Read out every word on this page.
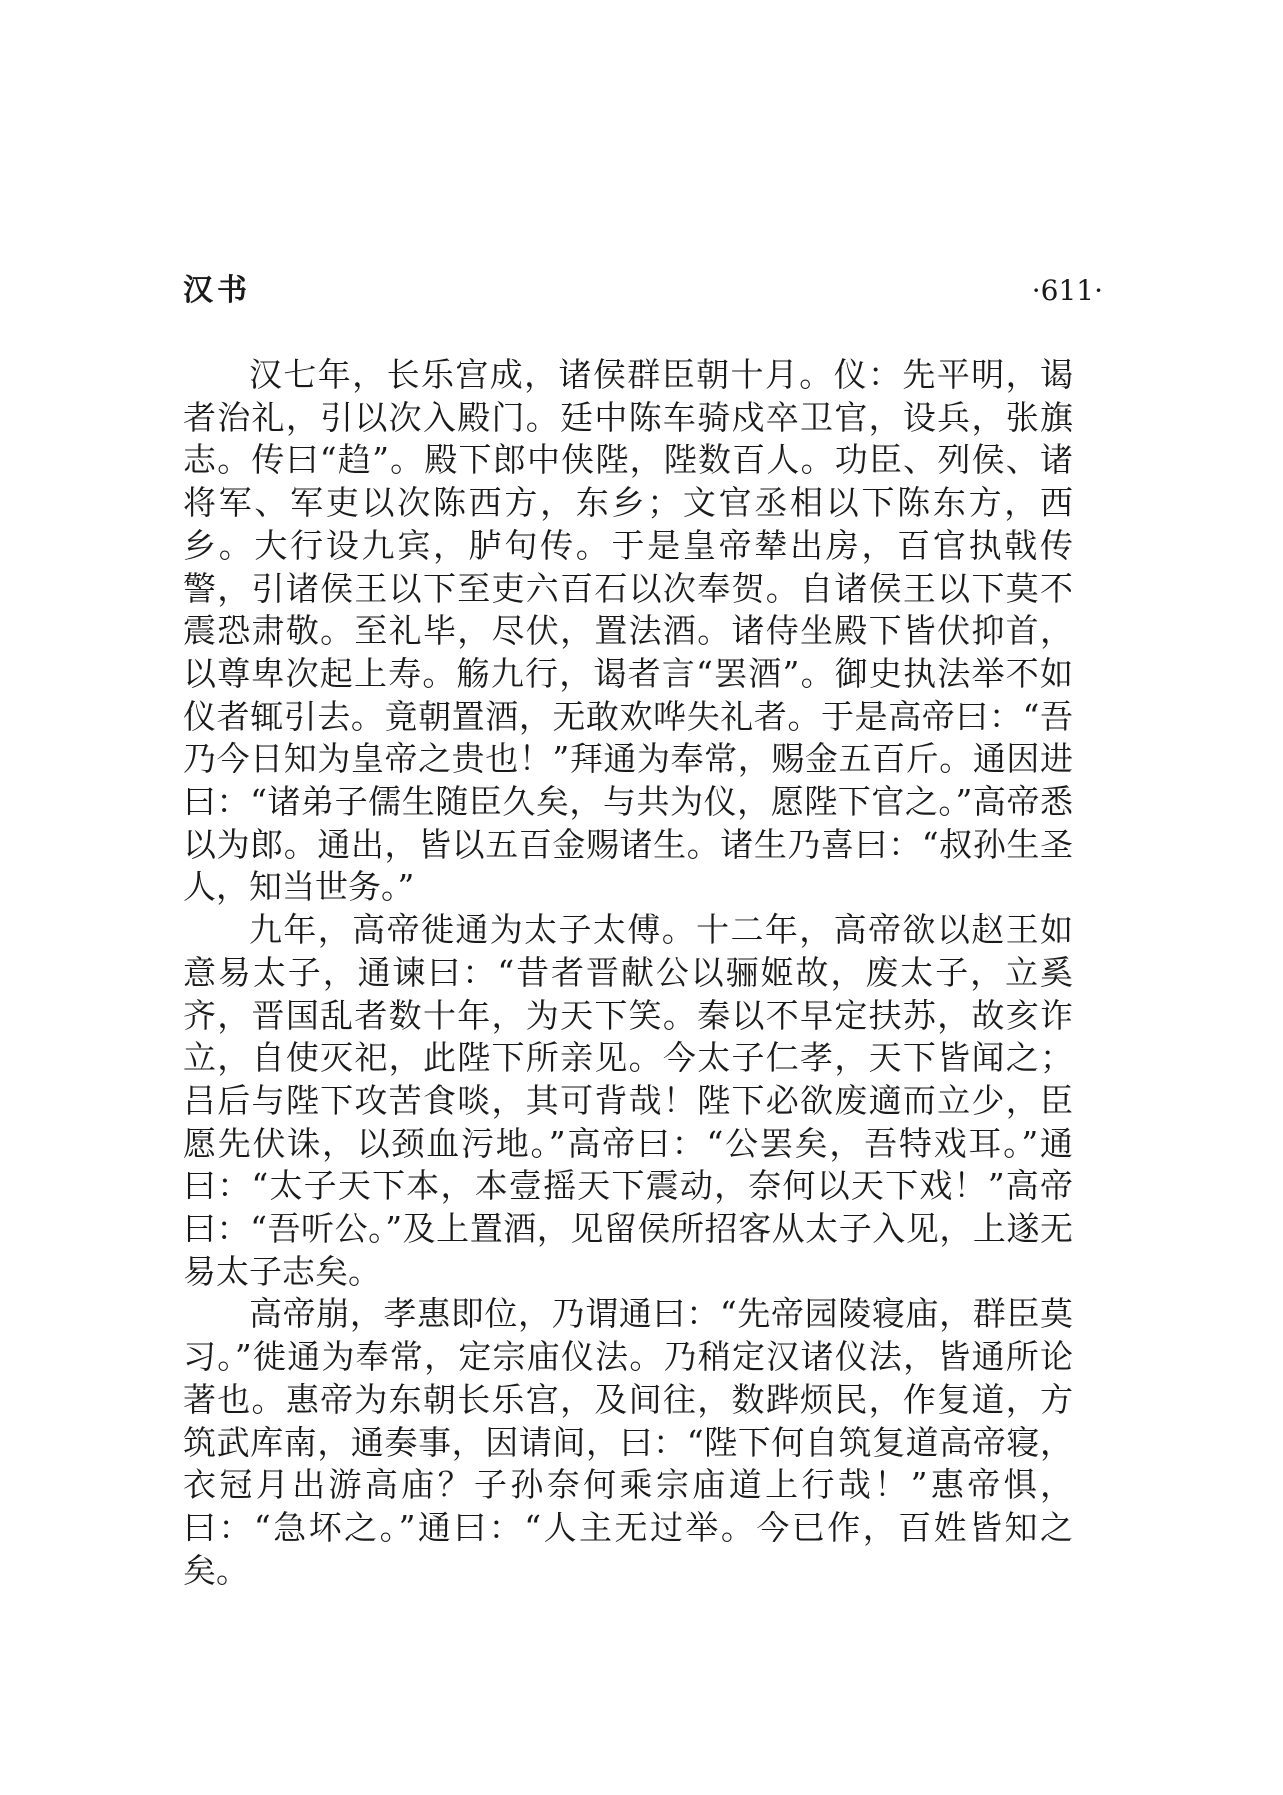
汉书	·611·

汉七年，长乐宫成，诸侯群臣朝十月。仪：先平明，谒者治礼，引以次入殿门。廷中陈车骑戍卒卫官，设兵，张旗志。传曰“趋”。殿下郎中侠陛，陛数百人。功臣、列侯、诸将军、军吏以次陈西方，东乡；文官丞相以下陈东方，西乡。大行设九宾，胪句传。于是皇帝辇出房，百官执戟传警，引诸侯王以下至吏六百石以次奉贺。自诸侯王以下莫不震恐肃敬。至礼毕，尽伏，置法酒。诸侍坐殿下皆伏抑首，以尊卑次起上寿。觞九行，谒者言“罢酒”。御史执法举不如仪者辄引去。竟朝置酒，无敢欢哗失礼者。于是高帝曰：“吾乃今日知为皇帝之贵也！”拜通为奉常，赐金五百斤。通因进曰：“诸弟子儒生随臣久矣，与共为仪，愿陛下官之。”高帝悉以为郎。通出，皆以五百金赐诸生。诸生乃喜曰：“叔孙生圣人，知当世务。”

九年，高帝徙通为太子太傅。十二年，高帝欲以赵王如意易太子，通谏曰：“昔者晋献公以骊姬故，废太子，立奚齐，晋国乱者数十年，为天下笑。秦以不早定扶苏，故亥诈立，自使灭祀，此陛下所亲见。今太子仁孝，天下皆闻之；吕后与陛下攻苦食啖，其可背哉！陛下必欲废適而立少，臣愿先伏诛，以颈血污地。”高帝曰：“公罢矣，吾特戏耳。”通曰：“太子天下本，本壹摇天下震动，奈何以天下戏！”高帝曰：“吾听公。”及上置酒，见留侯所招客从太子入见，上遂无易太子志矣。

高帝崩，孝惠即位，乃谓通曰：“先帝园陵寝庙，群臣莫习。”徙通为奉常，定宗庙仪法。乃稍定汉诸仪法，皆通所论著也。惠帝为东朝长乐宫，及间往，数跸烦民，作复道，方筑武库南，通奏事，因请间，曰：“陛下何自筑复道高帝寝，衣冠月出游高庙？子孙奈何乘宗庙道上行哉！”惠帝惧，曰：“急坏之。”通曰：“人主无过举。今已作，百姓皆知之矣。
